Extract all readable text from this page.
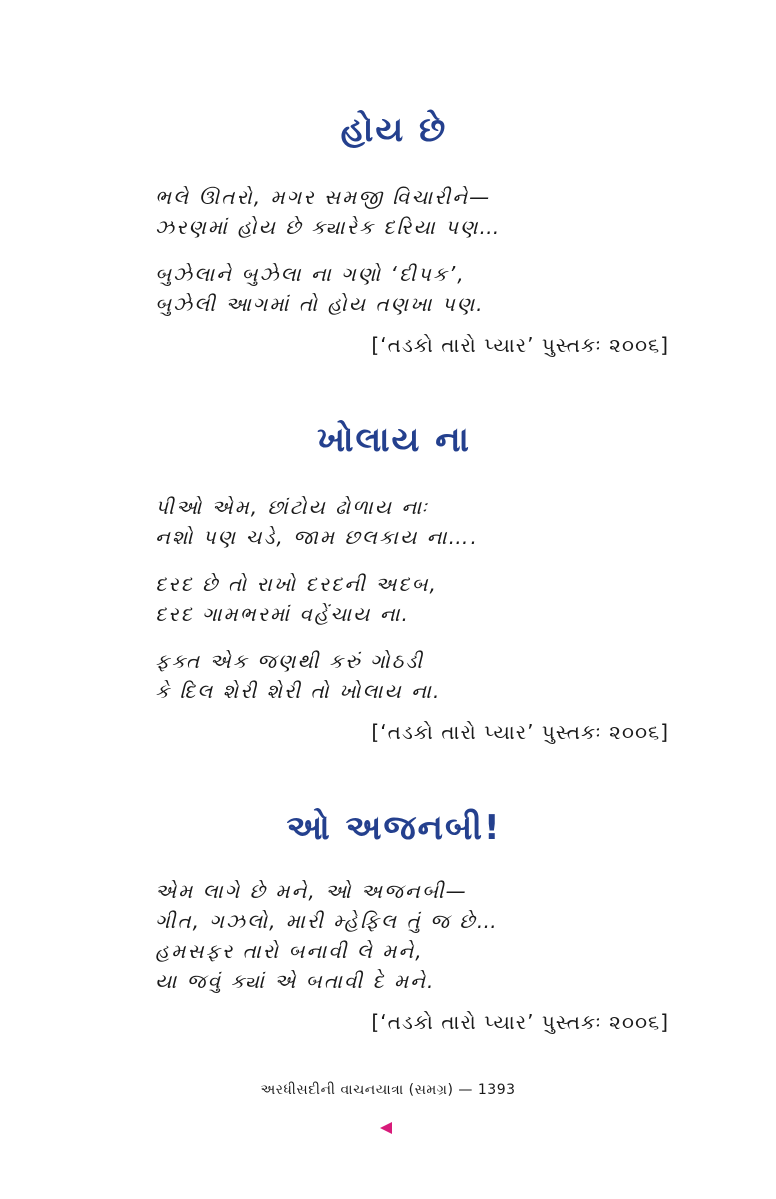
હોય છે
ભલે ઊતરો, મગર સમજી વિચારીને—
ઝરણમાં હોય છે ક્યારેક દરિયા પણ…
બુઝેલાને બુઝેલા ના ગણો ‘દીપક’,
બુઝેલી આગમાં તો હોય તણખા પણ.
[‘તડકો તારો પ્યાર’ પુસ્તકઃ ૨૦૦૬]
ખોલાય ના
પીઓ એમ, છાંટોય ઢોળાય નાઃ
નશો પણ ચડે, જામ છલકાય ના….
દરદ છે તો રાખો દરદની અદબ,
દરદ ગામભરમાં વહેંચાય ના.
ફક્ત એક જણથી કરું ગોઠડી
કે દિલ શેરી શેરી તો ખોલાય ના.
[‘તડકો તારો પ્યાર’ પુસ્તકઃ ૨૦૦૬]
ઓ અજનબી!
એમ લાગે છે મને, ઓ અજનબી—
ગીત, ગઝલો, મારી મ્હેફિલ તું જ છે…
હમસફર તારો બનાવી લે મને,
યા જવું ક્યાં એ બતાવી દે મને.
[‘તડકો તારો પ્યાર’ પુસ્તકઃ ૨૦૦૬]
અરધીસદીની વાચનયાત્રા (સમગ્ર) — 1393
